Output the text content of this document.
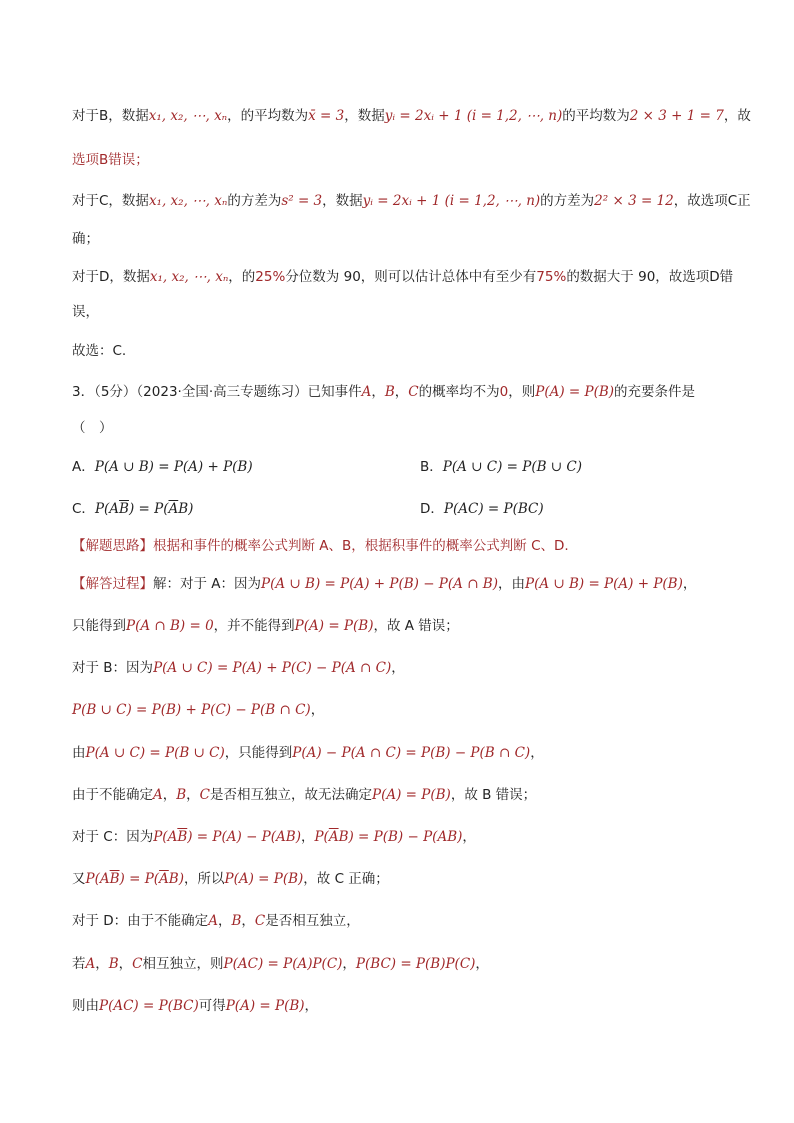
对于B，数据x₁, x₂, ⋯, xₙ，的平均数为x̄ = 3，数据yᵢ = 2xᵢ + 1 (i = 1,2, ⋯, n)的平均数为2 × 3 + 1 = 7，故
选项B错误；
对于C，数据x₁, x₂, ⋯, xₙ的方差为s² = 3，数据yᵢ = 2xᵢ + 1 (i = 1,2, ⋯, n)的方差为2² × 3 = 12，故选项C正
确；
对于D，数据x₁, x₂, ⋯, xₙ，的25%分位数为 90，则可以估计总体中有至少有75%的数据大于 90，故选项D错
误，
故选：C.
3．（5分）（2023·全国·高三专题练习）已知事件A，B，C的概率均不为0，则P(A) = P(B)的充要条件是
（　）
A．P(A ∪ B) = P(A) + P(B)	B．P(A ∪ C) = P(B ∪ C)
C．$P(A\overline{B}) = P(\overline{A}B)$	D．P(AC) = P(BC)
【解题思路】根据和事件的概率公式判断 A、B，根据积事件的概率公式判断 C、D.
【解答过程】解：对于 A：因为P(A ∪ B) = P(A) + P(B) − P(A ∩ B)，由P(A ∪ B) = P(A) + P(B)，
只能得到P(A ∩ B) = 0，并不能得到P(A) = P(B)，故 A 错误；
对于 B：因为P(A ∪ C) = P(A) + P(C) − P(A ∩ C)，
P(B ∪ C) = P(B) + P(C) − P(B ∩ C)，
由P(A ∪ C) = P(B ∪ C)，只能得到P(A) − P(A ∩ C) = P(B) − P(B ∩ C)，
由于不能确定A，B，C是否相互独立，故无法确定P(A) = P(B)，故 B 错误；
对于 C：因为$P(A\overline{B}) = P(A) - P(AB)$，$P(\overline{A}B) = P(B) - P(AB)$，
又$P(A\overline{B}) = P(\overline{A}B)$，所以P(A) = P(B)，故 C 正确；
对于 D：由于不能确定A，B，C是否相互独立，
若A，B，C相互独立，则P(AC) = P(A)P(C)，P(BC) = P(B)P(C)，
则由P(AC) = P(BC)可得P(A) = P(B)，
